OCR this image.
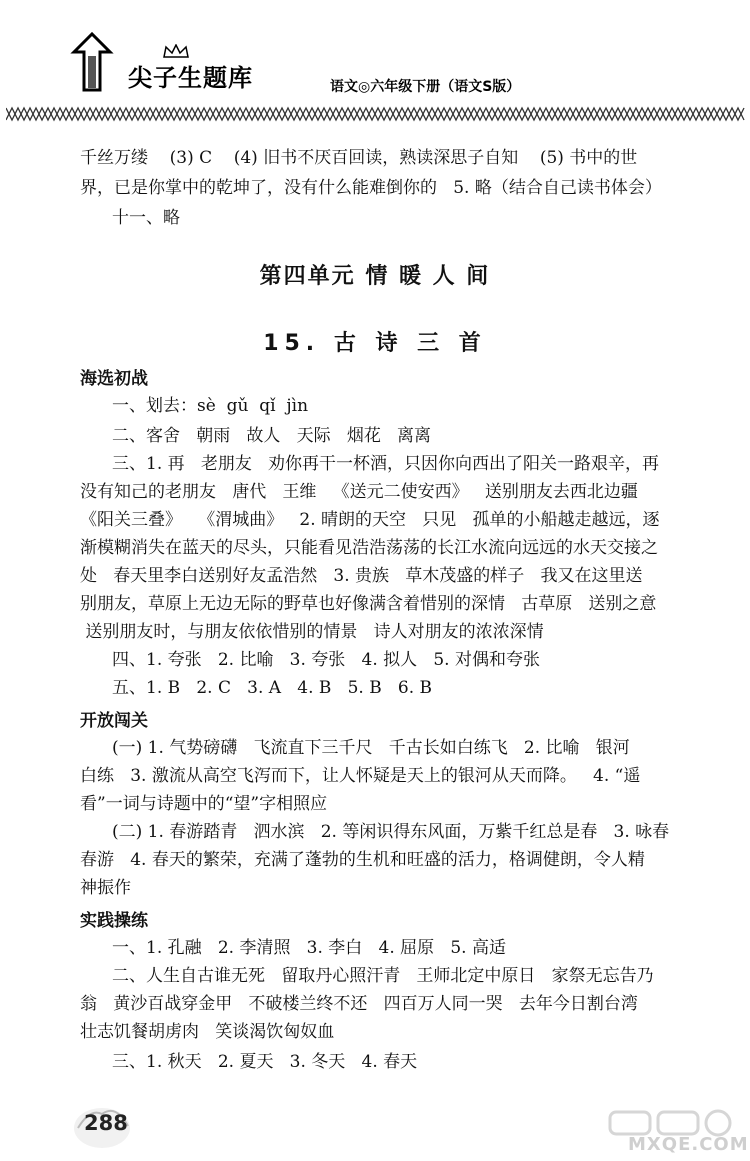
尖子生题库	语文◎六年级下册（语文S版）
千丝万缕    (3) C    (4) 旧书不厌百回读，熟读深思子自知    (5) 书中的世
界，已是你掌中的乾坤了，没有什么能难倒你的   5. 略（结合自己读书体会）
十一、略
第四单元 情 暖 人 间
15. 古 诗 三 首
海选初战
一、划去：sè  gǔ  qǐ  jìn
二、客舍   朝雨   故人   天际   烟花   离离
三、1. 再   老朋友   劝你再干一杯酒，只因你向西出了阳关一路艰辛，再
没有知己的老朋友   唐代   王维   《送元二使安西》   送别朋友去西北边疆
《阳关三叠》   《渭城曲》   2. 晴朗的天空   只见   孤单的小船越走越远，逐
渐模糊消失在蓝天的尽头，只能看见浩浩荡荡的长江水流向远远的水天交接之
处   春天里李白送别好友孟浩然   3. 贵族   草木茂盛的样子   我又在这里送
别朋友，草原上无边无际的野草也好像满含着惜别的深情   古草原   送别之意
送别朋友时，与朋友依依惜别的情景   诗人对朋友的浓浓深情
四、1. 夸张   2. 比喻   3. 夸张   4. 拟人   5. 对偶和夸张
五、1. B   2. C   3. A   4. B   5. B   6. B
开放闯关
(一) 1. 气势磅礴   飞流直下三千尺   千古长如白练飞   2. 比喻   银河
白练   3. 激流从高空飞泻而下，让人怀疑是天上的银河从天而降。   4. “遥
看”一词与诗题中的“望”字相照应
(二) 1. 春游踏青   泗水滨   2. 等闲识得东风面，万紫千红总是春   3. 咏春
春游   4. 春天的繁荣，充满了蓬勃的生机和旺盛的活力，格调健朗，令人精
神振作
实践操练
一、1. 孔融   2. 李清照   3. 李白   4. 屈原   5. 高适
二、人生自古谁无死   留取丹心照汗青   王师北定中原日   家祭无忘告乃
翁   黄沙百战穿金甲   不破楼兰终不还   四百万人同一哭   去年今日割台湾
壮志饥餐胡虏肉   笑谈渴饮匈奴血
三、1. 秋天   2. 夏天   3. 冬天   4. 春天
288
MXQE.COM
